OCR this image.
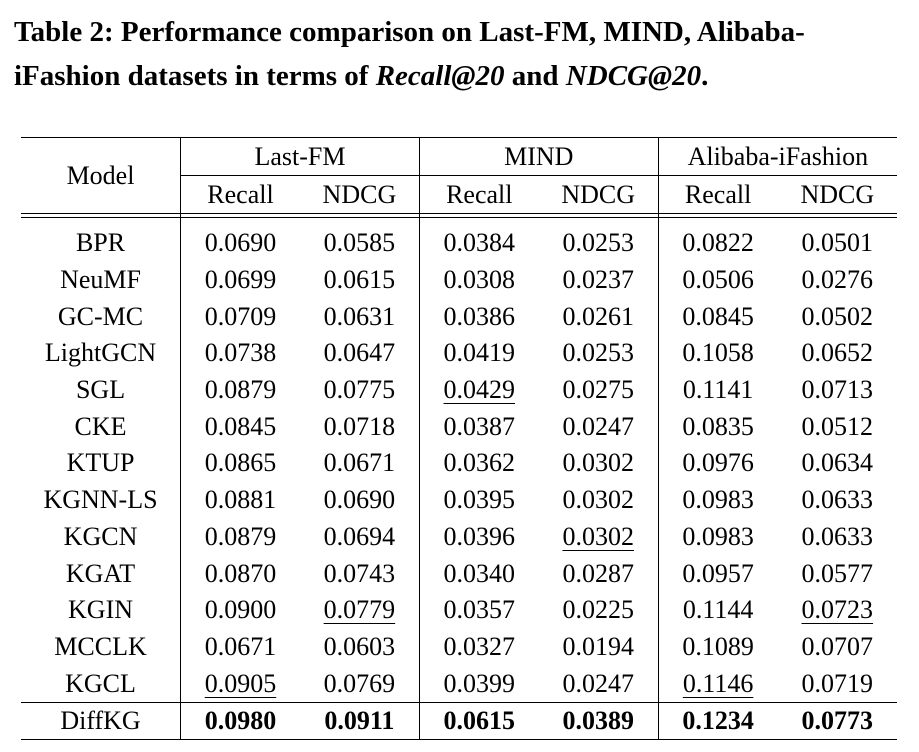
Table 2: Performance comparison on Last-FM, MIND, Alibaba-iFashion datasets in terms of Recall@20 and NDCG@20.

Model	Last-FM		MIND		Alibaba-iFashion	
	Recall	NDCG	Recall	NDCG	Recall	NDCG

BPR	0.0690	0.0585	0.0384	0.0253	0.0822	0.0501
NeuMF	0.0699	0.0615	0.0308	0.0237	0.0506	0.0276
GC-MC	0.0709	0.0631	0.0386	0.0261	0.0845	0.0502
LightGCN	0.0738	0.0647	0.0419	0.0253	0.1058	0.0652
SGL	0.0879	0.0775	0.0429	0.0275	0.1141	0.0713
CKE	0.0845	0.0718	0.0387	0.0247	0.0835	0.0512
KTUP	0.0865	0.0671	0.0362	0.0302	0.0976	0.0634
KGNN-LS	0.0881	0.0690	0.0395	0.0302	0.0983	0.0633
KGCN	0.0879	0.0694	0.0396	0.0302	0.0983	0.0633
KGAT	0.0870	0.0743	0.0340	0.0287	0.0957	0.0577
KGIN	0.0900	0.0779	0.0357	0.0225	0.1144	0.0723
MCCLK	0.0671	0.0603	0.0327	0.0194	0.1089	0.0707
KGCL	0.0905	0.0769	0.0399	0.0247	0.1146	0.0719
DiffKG	0.0980	0.0911	0.0615	0.0389	0.1234	0.0773
